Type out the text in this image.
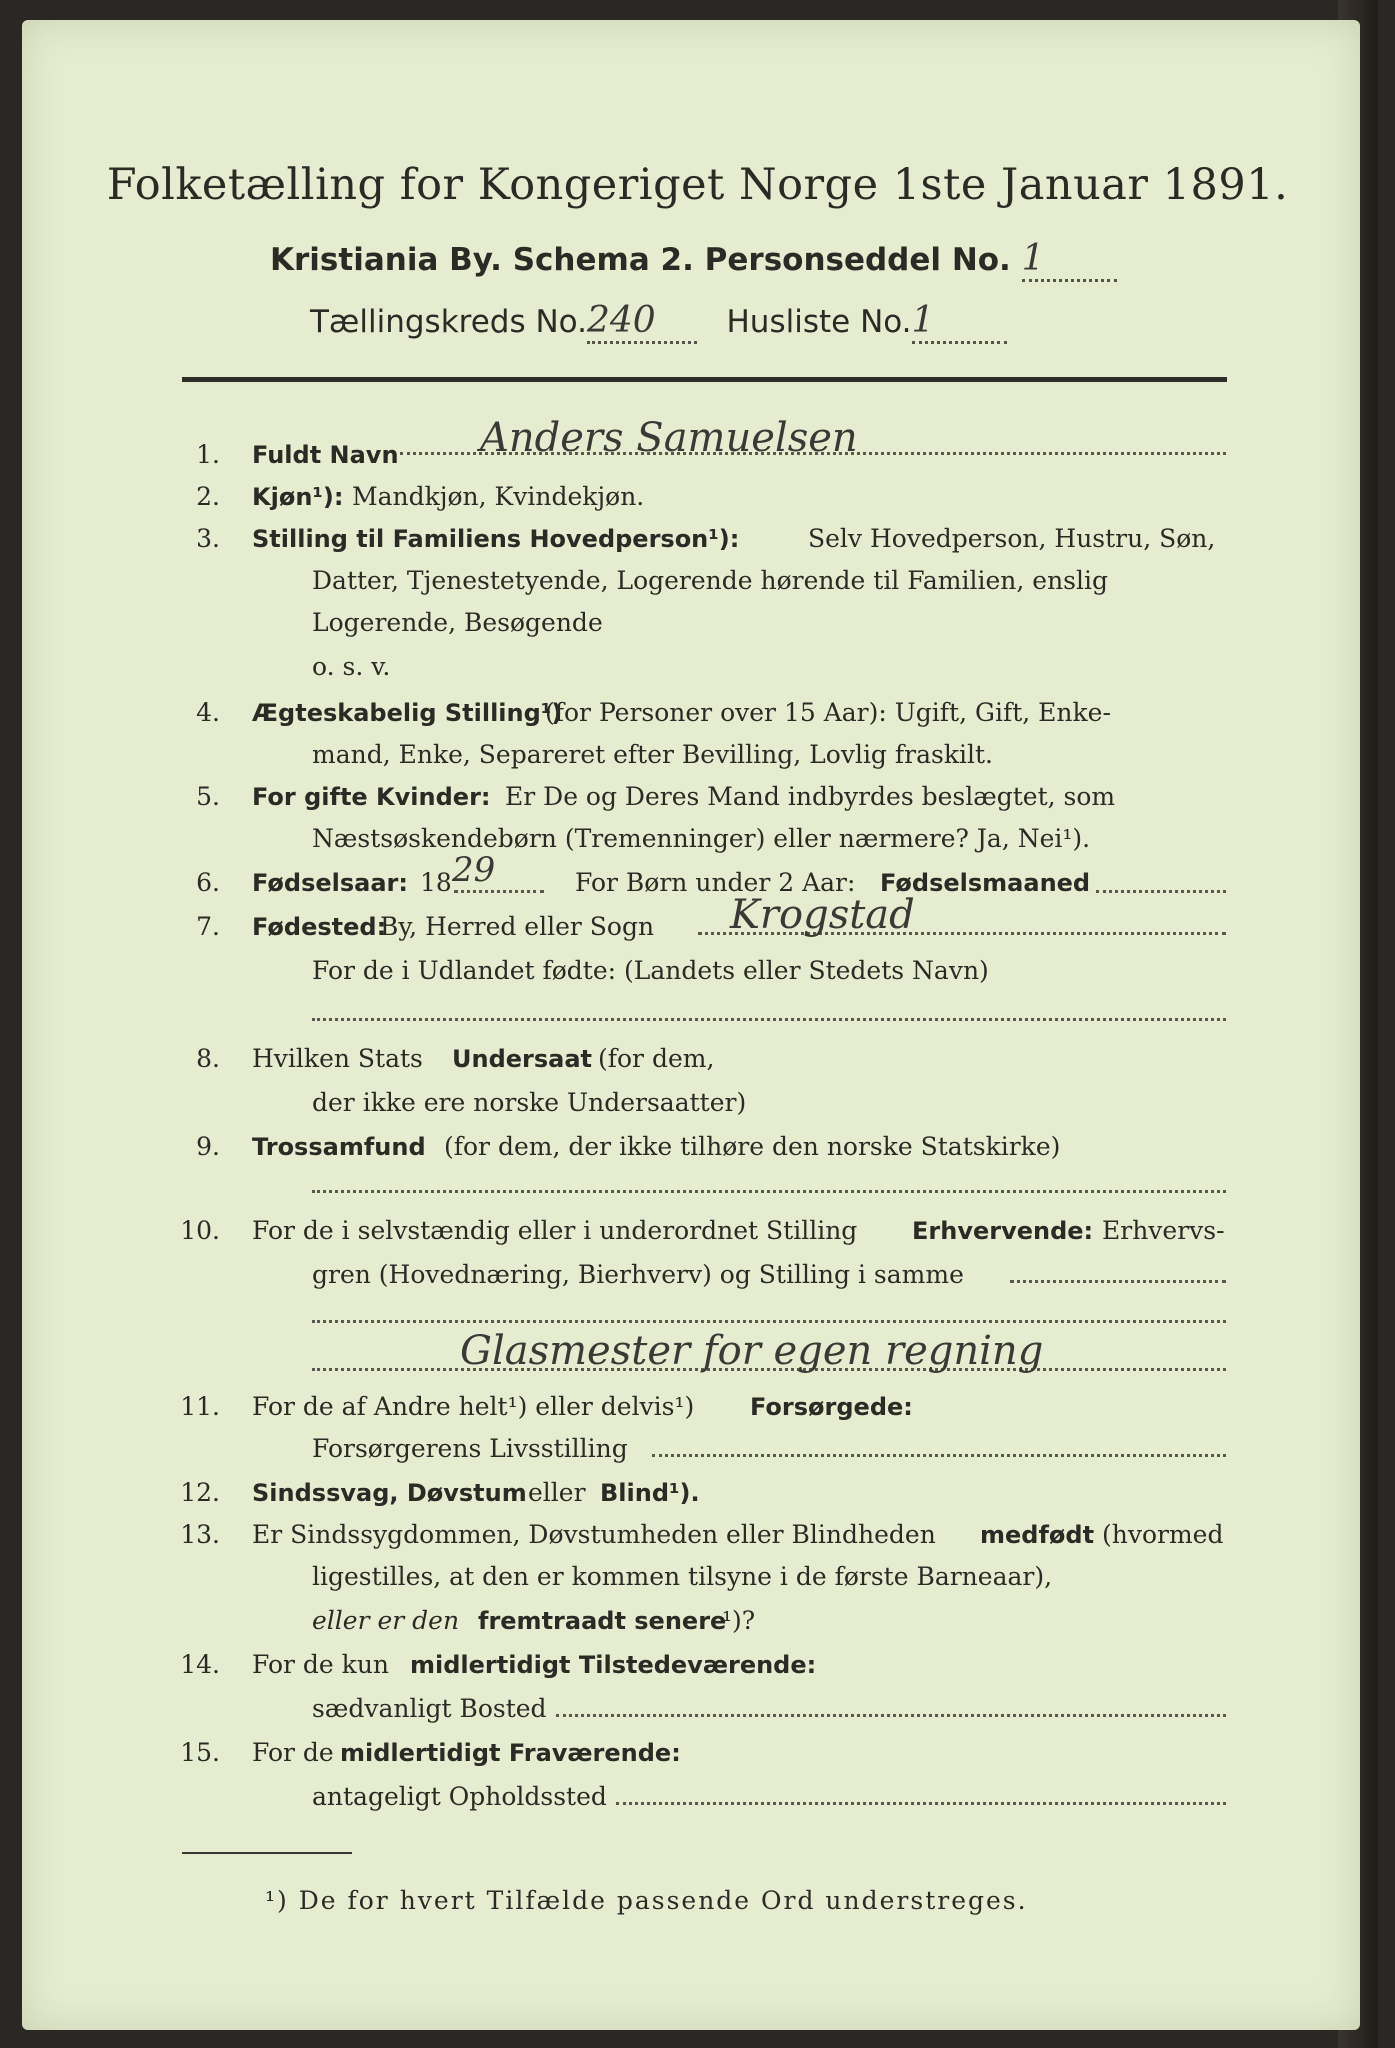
Folketælling for Kongeriget Norge 1ste Januar 1891.
Kristiania By. Schema 2. Personseddel No. 1
Tællingskreds No.240 Husliste No.1
1. Fuldt Navn Anders Samuelsen
2. Kjøn¹): Mandkjøn, Kvindekjøn.
3. Stilling til Familiens Hovedperson¹):	Selv Hovedperson, Hustru, Søn,
Datter, Tjenestetyende, Logerende hørende til Familien, enslig
Logerende, Besøgende
o. s. v.
4. Ægteskabelig Stilling¹)
(for Personer over 15 Aar): Ugift, Gift, Enke-
mand, Enke, Separeret efter Bevilling, Lovlig fraskilt.
5. For gifte Kvinder: Er De og Deres Mand indbyrdes beslægtet, som
Næstsøskendebørn (Tremenninger) eller nærmere? Ja, Nei¹).
6. Fødselsaar: 18	For Børn under 2 Aar: Fødselsmaaned
29
7. Fødested:
By, Herred eller Sogn Krogstad
For de i Udlandet fødte: (Landets eller Stedets Navn)
8. Hvilken Stats Undersaat (for dem,
der ikke ere norske Undersaatter)
9. Trossamfund (for dem, der ikke tilhøre den norske Statskirke)
10. For de i selvstændig eller i underordnet Stilling Erhvervende: Erhvervs-
gren (Hovednæring, Bierhverv) og Stilling i samme
Glasmester for egen regning
11. For de af Andre helt¹) eller delvis¹) Forsørgede:
Forsørgerens Livsstilling
12. Sindssvag, Døvstum eller Blind¹).
13. Er Sindssygdommen, Døvstumheden eller Blindheden medfødt (hvormed
ligestilles, at den er kommen tilsyne i de første Barneaar),
eller er den fremtraadt senere
¹)?
14. For de kun midlertidigt Tilstedeværende:
sædvanligt Bosted
15. For de midlertidigt Fraværende:
antageligt Opholdssted
¹) De for hvert Tilfælde passende Ord understreges.
